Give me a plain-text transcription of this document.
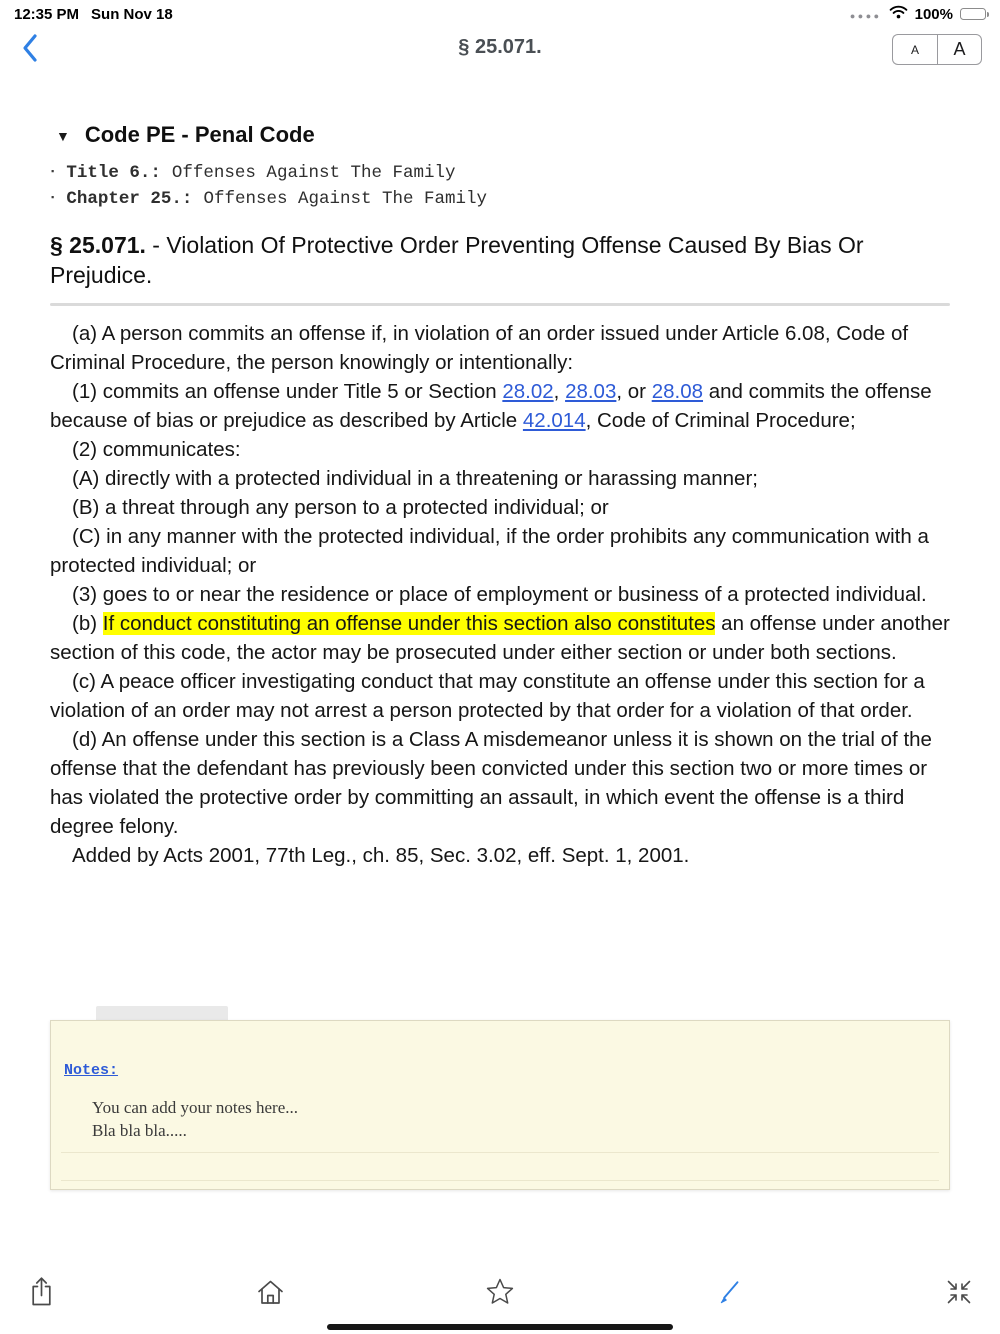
12:35 PM Sun Nov 18	●●●● 100%
§ 25.071.	A A
▼ Code PE - Penal Code
▪ Title 6.: Offenses Against The Family
▪ Chapter 25.: Offenses Against The Family
§ 25.071. - Violation Of Protective Order Preventing Offense Caused By Bias Or Prejudice.

(a) A person commits an offense if, in violation of an order issued under Article 6.08, Code of Criminal Procedure, the person knowingly or intentionally:

(1) commits an offense under Title 5 or Section 28.02, 28.03, or 28.08 and commits the offense because of bias or prejudice as described by Article 42.014, Code of Criminal Procedure;

(2) communicates:

(A) directly with a protected individual in a threatening or harassing manner;

(B) a threat through any person to a protected individual; or

(C) in any manner with the protected individual, if the order prohibits any communication with a protected individual; or

(3) goes to or near the residence or place of employment or business of a protected individual.

(b) If conduct constituting an offense under this section also constitutes an offense under another section of this code, the actor may be prosecuted under either section or under both sections.

(c) A peace officer investigating conduct that may constitute an offense under this section for a violation of an order may not arrest a person protected by that order for a violation of that order.

(d) An offense under this section is a Class A misdemeanor unless it is shown on the trial of the offense that the defendant has previously been convicted under this section two or more times or has violated the protective order by committing an assault, in which event the offense is a third degree felony.

Added by Acts 2001, 77th Leg., ch. 85, Sec. 3.02, eff. Sept. 1, 2001.

Notes:
You can add your notes here...
Bla bla bla.....
